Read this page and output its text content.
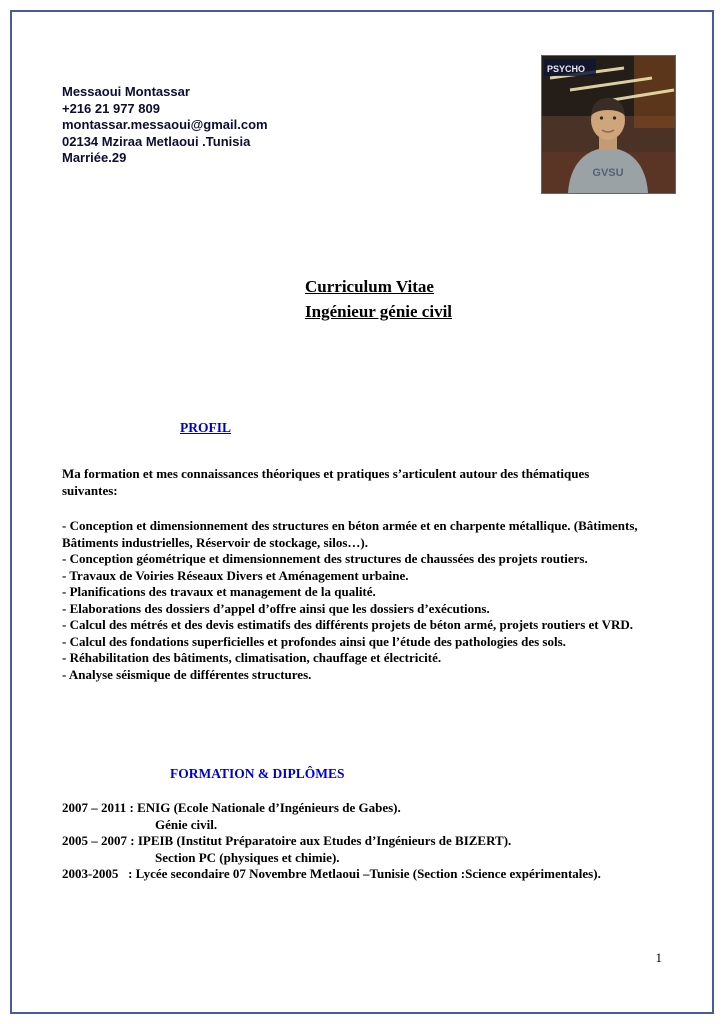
Messaoui Montassar
+216 21 977 809
montassar.messaoui@gmail.com
02134 Mziraa Metlaoui .Tunisia
Marriée.29
PSYCHO
GVSU
Curriculum Vitae
Ingénieur génie civil
PROFIL
Ma formation et mes connaissances théoriques et pratiques s’articulent autour des thématiques suivantes:
- Conception et dimensionnement des structures en béton armée et en charpente métallique. (Bâtiments, Bâtiments industrielles, Réservoir de stockage, silos…).
- Conception géométrique et dimensionnement des structures de chaussées des projets routiers.
- Travaux de Voiries Réseaux Divers et Aménagement urbaine.
- Planifications des travaux et management de la qualité.
- Elaborations des dossiers d’appel d’offre ainsi que les dossiers d’exécutions.
- Calcul des métrés et des devis estimatifs des différents projets de béton armé, projets routiers et VRD.
- Calcul des fondations superficielles et profondes ainsi que l’étude des pathologies des sols.
- Réhabilitation des bâtiments, climatisation, chauffage et électricité.
- Analyse séismique de différentes structures.
FORMATION & DIPLÔMES
2007 – 2011 : ENIG (Ecole Nationale d’Ingénieurs de Gabes).
Génie civil.
2005 – 2007 : IPEIB (Institut Préparatoire aux Etudes d’Ingénieurs de BIZERT).
Section PC (physiques et chimie).
2003-2005   : Lycée secondaire 07 Novembre Metlaoui –Tunisie (Section :Science expérimentales).
1
